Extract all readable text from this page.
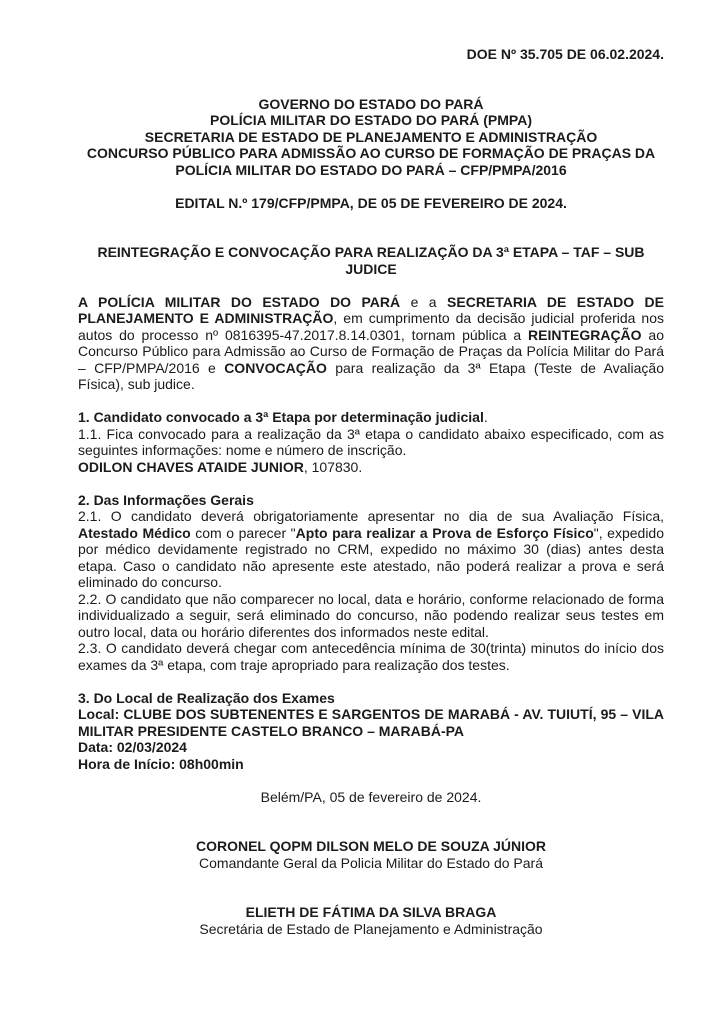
DOE Nº 35.705 DE 06.02.2024.
GOVERNO DO ESTADO DO PARÁ
POLÍCIA MILITAR DO ESTADO DO PARÁ (PMPA)
SECRETARIA DE ESTADO DE PLANEJAMENTO E ADMINISTRAÇÃO
CONCURSO PÚBLICO PARA ADMISSÃO AO CURSO DE FORMAÇÃO DE PRAÇAS DA
POLÍCIA MILITAR DO ESTADO DO PARÁ – CFP/PMPA/2016
EDITAL N.º 179/CFP/PMPA, DE 05 DE FEVEREIRO DE 2024.
REINTEGRAÇÃO E CONVOCAÇÃO PARA REALIZAÇÃO DA 3ª ETAPA – TAF – SUB JUDICE

A POLÍCIA MILITAR DO ESTADO DO PARÁ e a SECRETARIA DE ESTADO DE PLANEJAMENTO E ADMINISTRAÇÃO, em cumprimento da decisão judicial proferida nos autos do processo nº 0816395-47.2017.8.14.0301, tornam pública a REINTEGRAÇÃO ao Concurso Público para Admissão ao Curso de Formação de Praças da Polícia Militar do Pará – CFP/PMPA/2016 e CONVOCAÇÃO para realização da 3ª Etapa (Teste de Avaliação Física), sub judice.

1. Candidato convocado a 3ª Etapa por determinação judicial.
1.1. Fica convocado para a realização da 3ª etapa o candidato abaixo especificado, com as seguintes informações: nome e número de inscrição.
ODILON CHAVES ATAIDE JUNIOR, 107830.
2. Das Informações Gerais
2.1. O candidato deverá obrigatoriamente apresentar no dia de sua Avaliação Física, Atestado Médico com o parecer "Apto para realizar a Prova de Esforço Físico", expedido por médico devidamente registrado no CRM, expedido no máximo 30 (dias) antes desta etapa. Caso o candidato não apresente este atestado, não poderá realizar a prova e será eliminado do concurso.
2.2. O candidato que não comparecer no local, data e horário, conforme relacionado de forma individualizado a seguir, será eliminado do concurso, não podendo realizar seus testes em outro local, data ou horário diferentes dos informados neste edital.
2.3. O candidato deverá chegar com antecedência mínima de 30(trinta) minutos do início dos exames da 3ª etapa, com traje apropriado para realização dos testes.
3. Do Local de Realização dos Exames
Local: CLUBE DOS SUBTENENTES E SARGENTOS DE MARABÁ - AV. TUIUTÍ, 95 – VILA MILITAR PRESIDENTE CASTELO BRANCO – MARABÁ-PA
Data: 02/03/2024
Hora de Início: 08h00min
Belém/PA, 05 de fevereiro de 2024.
CORONEL QOPM DILSON MELO DE SOUZA JÚNIOR
Comandante Geral da Policia Militar do Estado do Pará
ELIETH DE FÁTIMA DA SILVA BRAGA
Secretária de Estado de Planejamento e Administração
